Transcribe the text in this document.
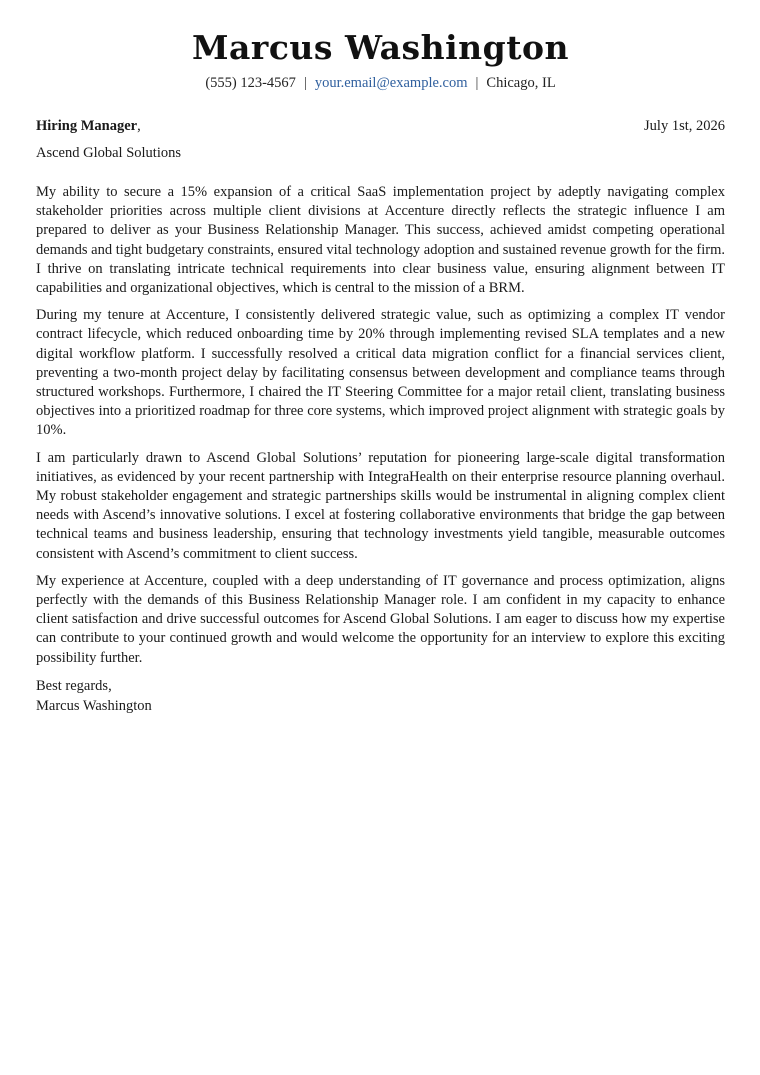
Marcus Washington
(555) 123-4567 | your.email@example.com | Chicago, IL
Hiring Manager,	July 1st, 2026
Ascend Global Solutions

My ability to secure a 15% expansion of a critical SaaS implementation project by adeptly navigating complex stakeholder priorities across multiple client divisions at Accenture directly reflects the strategic influence I am prepared to deliver as your Business Relationship Manager. This success, achieved amidst competing operational demands and tight budgetary constraints, ensured vital technology adoption and sustained revenue growth for the firm. I thrive on translating intricate technical requirements into clear business value, ensuring alignment between IT capabilities and organizational objectives, which is central to the mission of a BRM.

During my tenure at Accenture, I consistently delivered strategic value, such as optimizing a complex IT vendor contract lifecycle, which reduced onboarding time by 20% through implementing revised SLA templates and a new digital workflow platform. I successfully resolved a critical data migration conflict for a financial services client, preventing a two-month project delay by facilitating consensus between development and compliance teams through structured workshops. Furthermore, I chaired the IT Steering Committee for a major retail client, translating business objectives into a prioritized roadmap for three core systems, which improved project alignment with strategic goals by 10%.

I am particularly drawn to Ascend Global Solutions’ reputation for pioneering large-scale digital transformation initiatives, as evidenced by your recent partnership with IntegraHealth on their enterprise resource planning overhaul. My robust stakeholder engagement and strategic partnerships skills would be instrumental in aligning complex client needs with Ascend’s innovative solutions. I excel at fostering collaborative environments that bridge the gap between technical teams and business leadership, ensuring that technology investments yield tangible, measurable outcomes consistent with Ascend’s commitment to client success.

My experience at Accenture, coupled with a deep understanding of IT governance and process optimization, aligns perfectly with the demands of this Business Relationship Manager role. I am confident in my capacity to enhance client satisfaction and drive successful outcomes for Ascend Global Solutions. I am eager to discuss how my expertise can contribute to your continued growth and would welcome the opportunity for an interview to explore this exciting possibility further.

Best regards,
Marcus Washington
